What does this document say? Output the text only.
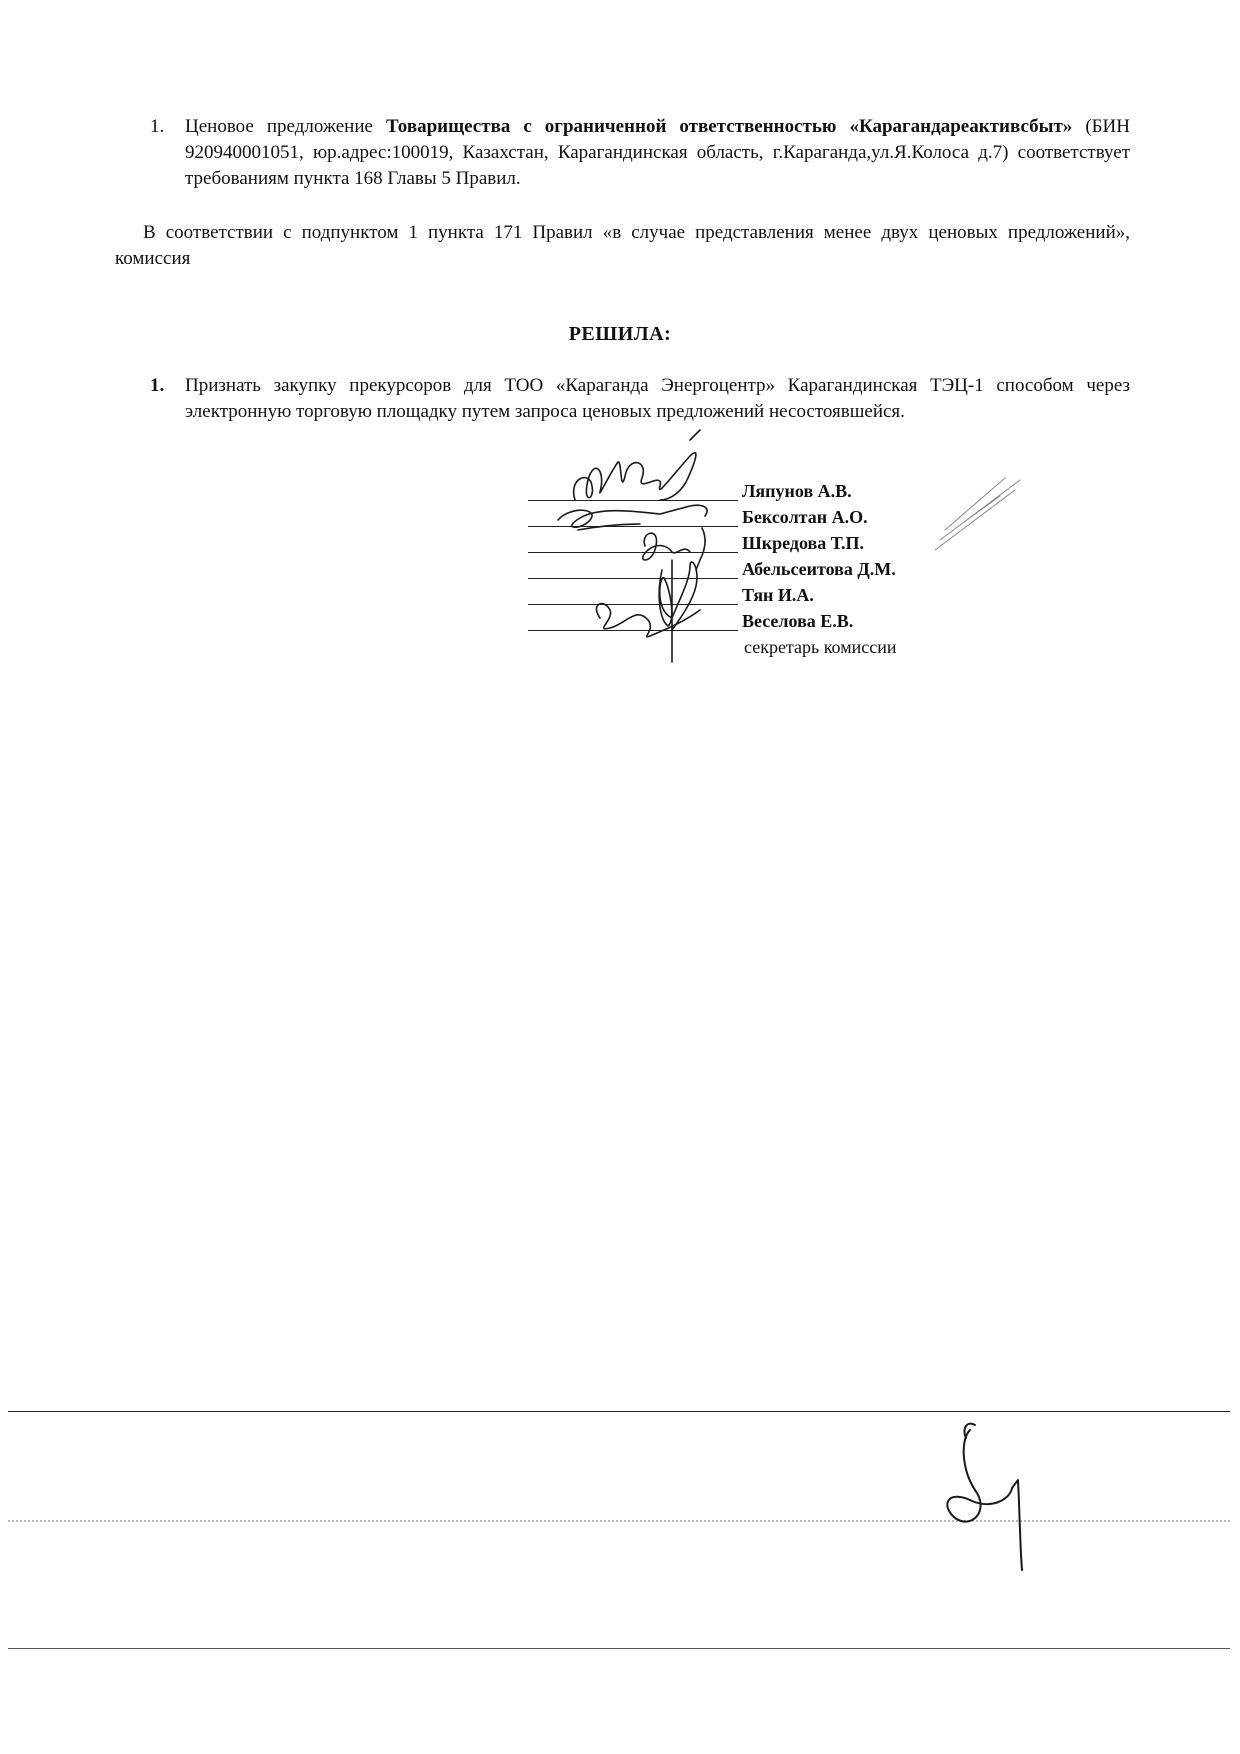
1.	Ценовое предложение Товарищества с ограниченной ответственностью «Карагандареактивсбыт» (БИН 920940001051, юр.адрес:100019, Казахстан, Карагандинская область, г.Караганда,ул.Я.Колоса д.7) соответствует требованиям пункта 168 Главы 5 Правил.
В соответствии с подпунктом 1 пункта 171 Правил «в случае представления менее двух ценовых предложений», комиссия
РЕШИЛА:
1.	Признать закупку прекурсоров для ТОО «Караганда Энергоцентр» Карагандинская ТЭЦ-1 способом через электронную торговую площадку путем запроса ценовых предложений несостоявшейся.
Ляпунов А.В.
Бексолтан А.О.
Шкредова Т.П.
Абельсеитова Д.М.
Тян И.А.
Веселова Е.В.
секретарь комиссии
